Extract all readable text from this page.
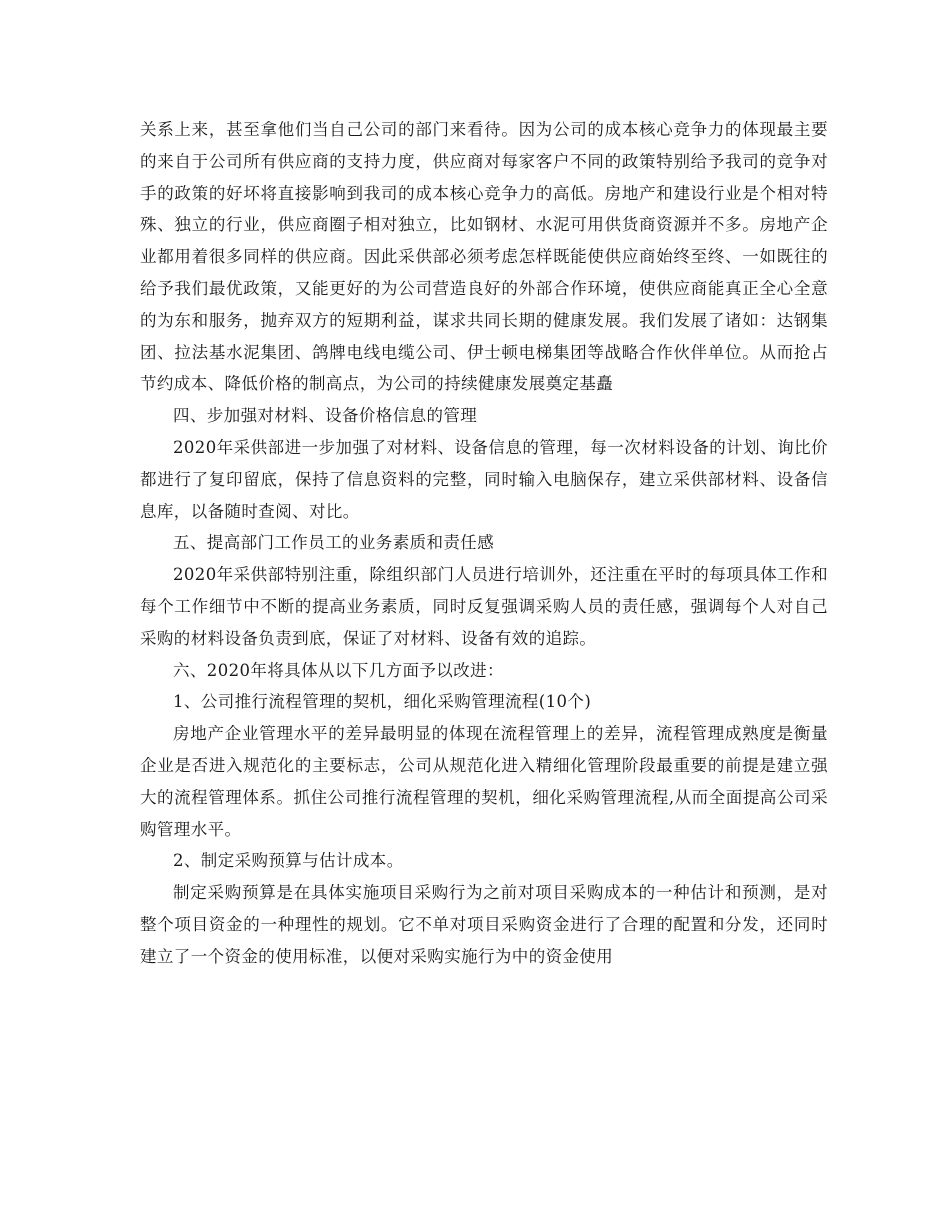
关系上来，甚至拿他们当自己公司的部门来看待。因为公司的成本核心竞争力的体现最主要的来自于公司所有供应商的支持力度，供应商对每家客户不同的政策特别给予我司的竞争对手的政策的好坏将直接影响到我司的成本核心竞争力的高低。房地产和建设行业是个相对特殊、独立的行业，供应商圈子相对独立，比如钢材、水泥可用供货商资源并不多。房地产企业都用着很多同样的供应商。因此采供部必须考虑怎样既能使供应商始终至终、一如既往的给予我们最优政策，又能更好的为公司营造良好的外部合作环境，使供应商能真正全心全意的为东和服务，抛弃双方的短期利益，谋求共同长期的健康发展。我们发展了诸如：达钢集团、拉法基水泥集团、鸽牌电线电缆公司、伊士顿电梯集团等战略合作伙伴单位。从而抢占节约成本、降低价格的制高点，为公司的持续健康发展奠定基矗

四、步加强对材料、设备价格信息的管理

2020年采供部进一步加强了对材料、设备信息的管理，每一次材料设备的计划、询比价都进行了复印留底，保持了信息资料的完整，同时输入电脑保存，建立采供部材料、设备信息库，以备随时查阅、对比。

五、提高部门工作员工的业务素质和责任感

2020年采供部特别注重，除组织部门人员进行培训外，还注重在平时的每项具体工作和每个工作细节中不断的提高业务素质，同时反复强调采购人员的责任感，强调每个人对自己采购的材料设备负责到底，保证了对材料、设备有效的追踪。

六、2020年将具体从以下几方面予以改进：

1、公司推行流程管理的契机，细化采购管理流程(10个)

房地产企业管理水平的差异最明显的体现在流程管理上的差异，流程管理成熟度是衡量企业是否进入规范化的主要标志，公司从规范化进入精细化管理阶段最重要的前提是建立强大的流程管理体系。抓住公司推行流程管理的契机，细化采购管理流程,从而全面提高公司采购管理水平。

2、制定采购预算与估计成本。

制定采购预算是在具体实施项目采购行为之前对项目采购成本的一种估计和预测，是对整个项目资金的一种理性的规划。它不单对项目采购资金进行了合理的配置和分发，还同时建立了一个资金的使用标准，以便对采购实施行为中的资金使用
